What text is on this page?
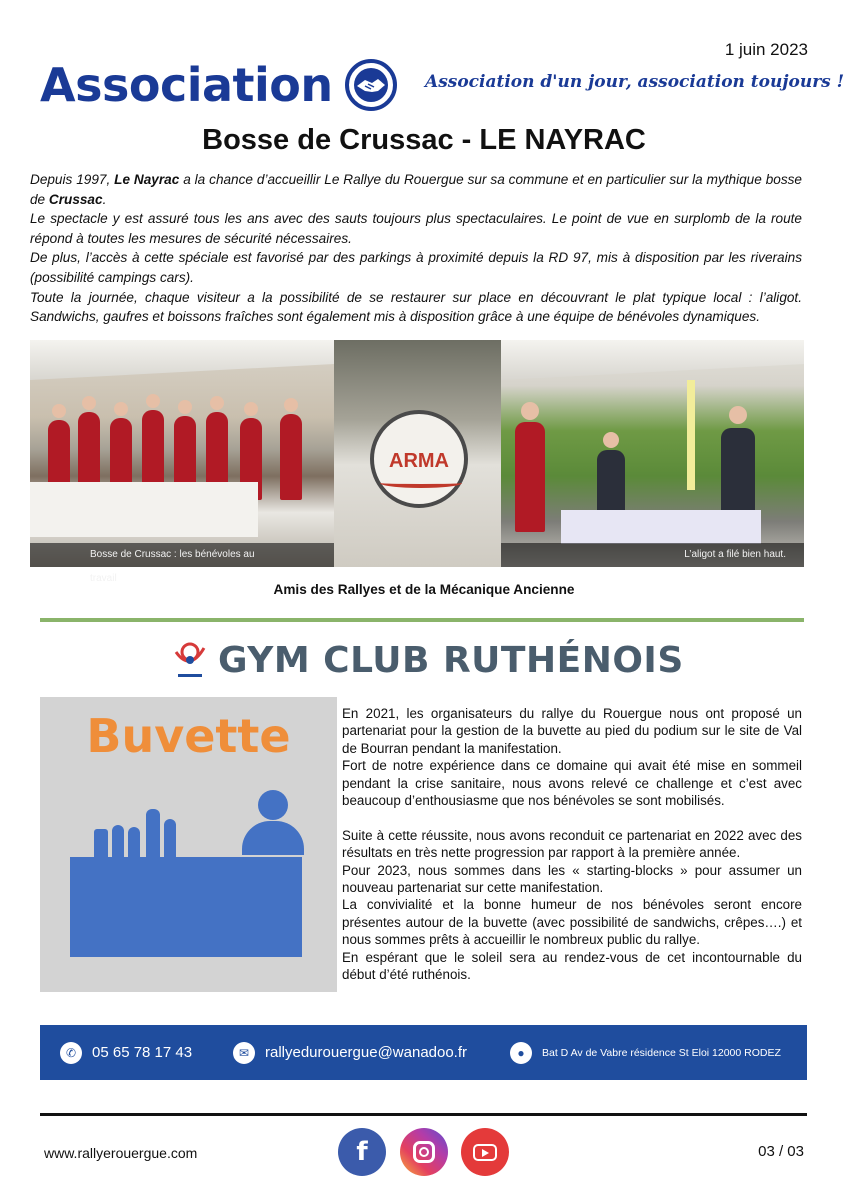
1 juin 2023
Association	Association d'un jour, association toujours !
Bosse de Crussac - LE NAYRAC

Depuis 1997, Le Nayrac a la chance d’accueillir Le Rallye du Rouergue sur sa commune et en particulier sur la mythique bosse de Crussac.

Le spectacle y est assuré tous les ans avec des sauts toujours plus spectaculaires. Le point de vue en surplomb de la route répond à toutes les mesures de sécurité nécessaires.

De plus, l’accès à cette spéciale est favorisé par des parkings à proximité depuis la RD 97, mis à disposition par les riverains (possibilité campings cars).

Toute la journée, chaque visiteur a la possibilité de se restaurer sur place en découvrant le plat typique local : l’aligot. Sandwichs, gaufres et boissons fraîches sont également mis à disposition grâce à une équipe de bénévoles dynamiques.

Bosse de Crussac : les bénévoles au travail
ARMA
L’aligot a filé bien haut.
Amis des Rallyes et de la Mécanique Ancienne
GYM CLUB RUTHÉNOIS
Buvette	En 2021, les organisateurs du rallye du Rouergue nous ont proposé un partenariat pour la gestion de la buvette au pied du podium sur le site de Val de Bourran pendant la manifestation.

Fort de notre expérience dans ce domaine qui avait été mise en sommeil pendant la crise sanitaire, nous avons relevé ce challenge et c’est avec beaucoup d’enthousiasme que nos bénévoles se sont mobilisés.

Suite à cette réussite, nous avons reconduit ce partenariat en 2022 avec des résultats en très nette progression par rapport à la première année.

Pour 2023, nous sommes dans les « starting-blocks » pour assumer un nouveau partenariat sur cette manifestation.

La convivialité et la bonne humeur de nos bénévoles seront encore présentes autour de la buvette (avec possibilité de sandwichs, crêpes….) et nous sommes prêts à accueillir le nombreux public du rallye.

En espérant que le soleil sera au rendez-vous de cet incontournable du début d’été ruthénois.

✆	05 65 78 17 43	✉	rallyedurouergue@wanadoo.fr	●	Bat D Av de Vabre résidence St Eloi 12000 RODEZ
www.rallyerouergue.com	f	03 / 03
